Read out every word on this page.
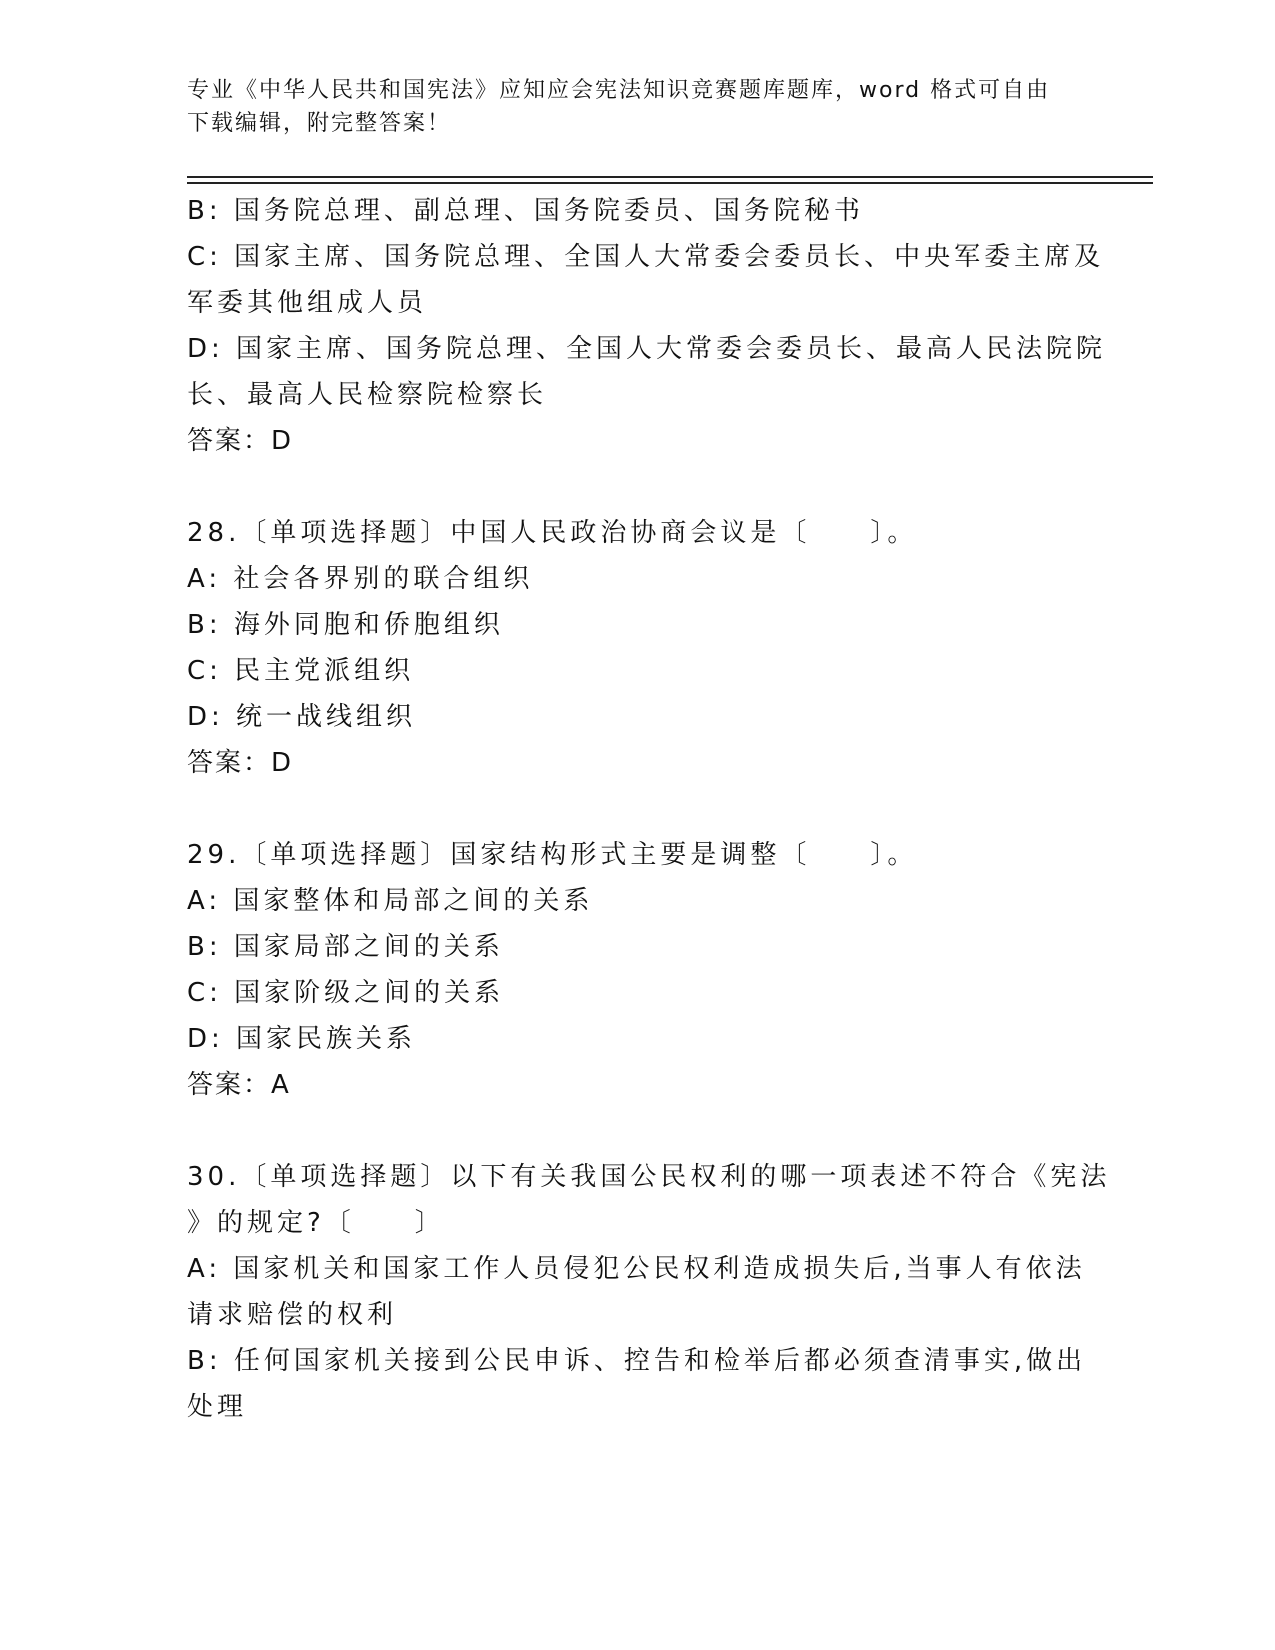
专业《中华人民共和国宪法》应知应会宪法知识竞赛题库题库，word 格式可自由
下载编辑，附完整答案！
B: 国务院总理、副总理、国务院委员、国务院秘书
C: 国家主席、国务院总理、全国人大常委会委员长、中央军委主席及
军委其他组成人员
D: 国家主席、国务院总理、全国人大常委会委员长、最高人民法院院
长、最高人民检察院检察长
答案：D
28.〔单项选择题〕中国人民政治协商会议是〔　　〕。
A: 社会各界别的联合组织
B: 海外同胞和侨胞组织
C: 民主党派组织
D: 统一战线组织
答案：D
29.〔单项选择题〕国家结构形式主要是调整〔　　〕。
A: 国家整体和局部之间的关系
B: 国家局部之间的关系
C: 国家阶级之间的关系
D: 国家民族关系
答案：A
30.〔单项选择题〕以下有关我国公民权利的哪一项表述不符合《宪法
》的规定?〔　　〕
A: 国家机关和国家工作人员侵犯公民权利造成损失后,当事人有依法
请求赔偿的权利
B: 任何国家机关接到公民申诉、控告和检举后都必须查清事实,做出
处理
